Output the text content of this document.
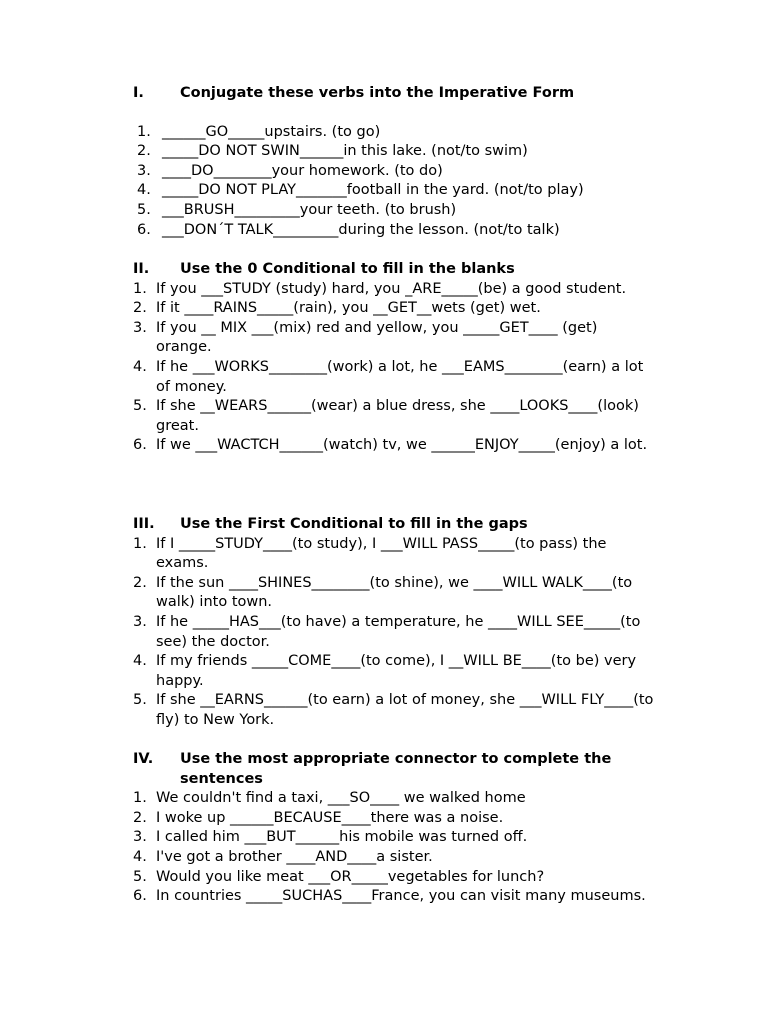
I.	Conjugate these verbs into the Imperative Form
1. ______GO_____upstairs. (to go)
2. _____DO NOT SWIN______in this lake. (not/to swim)
3. ____DO________your homework. (to do)
4. _____DO NOT PLAY_______football in the yard. (not/to play)
5. ___BRUSH_________your teeth. (to brush)
6. ___DON´T TALK_________during the lesson. (not/to talk)
II.	Use the 0 Conditional to fill in the blanks
1. If you ___STUDY (study) hard, you _ARE_____(be) a good student.
2. If it ____RAINS_____(rain), you __GET__wets (get) wet.
3. If you __ MIX ___(mix) red and yellow, you _____GET____ (get) orange.
4. If he ___WORKS________(work) a lot, he ___EAMS________(earn) a lot of money.
5. If she __WEARS______(wear) a blue dress, she ____LOOKS____(look) great.
6. If we ___WACTCH______(watch) tv, we ______ENJOY_____(enjoy) a lot.
III.	Use the First Conditional to fill in the gaps
1. If I _____STUDY____(to study), I ___WILL PASS_____(to pass) the exams.
2. If the sun ____SHINES________(to shine), we ____WILL WALK____(to walk) into town.
3. If he _____HAS___(to have) a temperature, he ____WILL SEE_____(to see) the doctor.
4. If my friends _____COME____(to come), I __WILL BE____(to be) very happy.
5. If she __EARNS______(to earn) a lot of money, she ___WILL FLY____(to fly) to New York.
IV.	Use the most appropriate connector to complete the sentences
1. We couldn't find a taxi, ___SO____ we walked home
2. I woke up ______BECAUSE____there was a noise.
3. I called him ___BUT______his mobile was turned off.
4. I've got a brother ____AND____a sister.
5. Would you like meat ___OR_____vegetables for lunch?
6. In countries _____SUCHAS____France, you can visit many museums.
